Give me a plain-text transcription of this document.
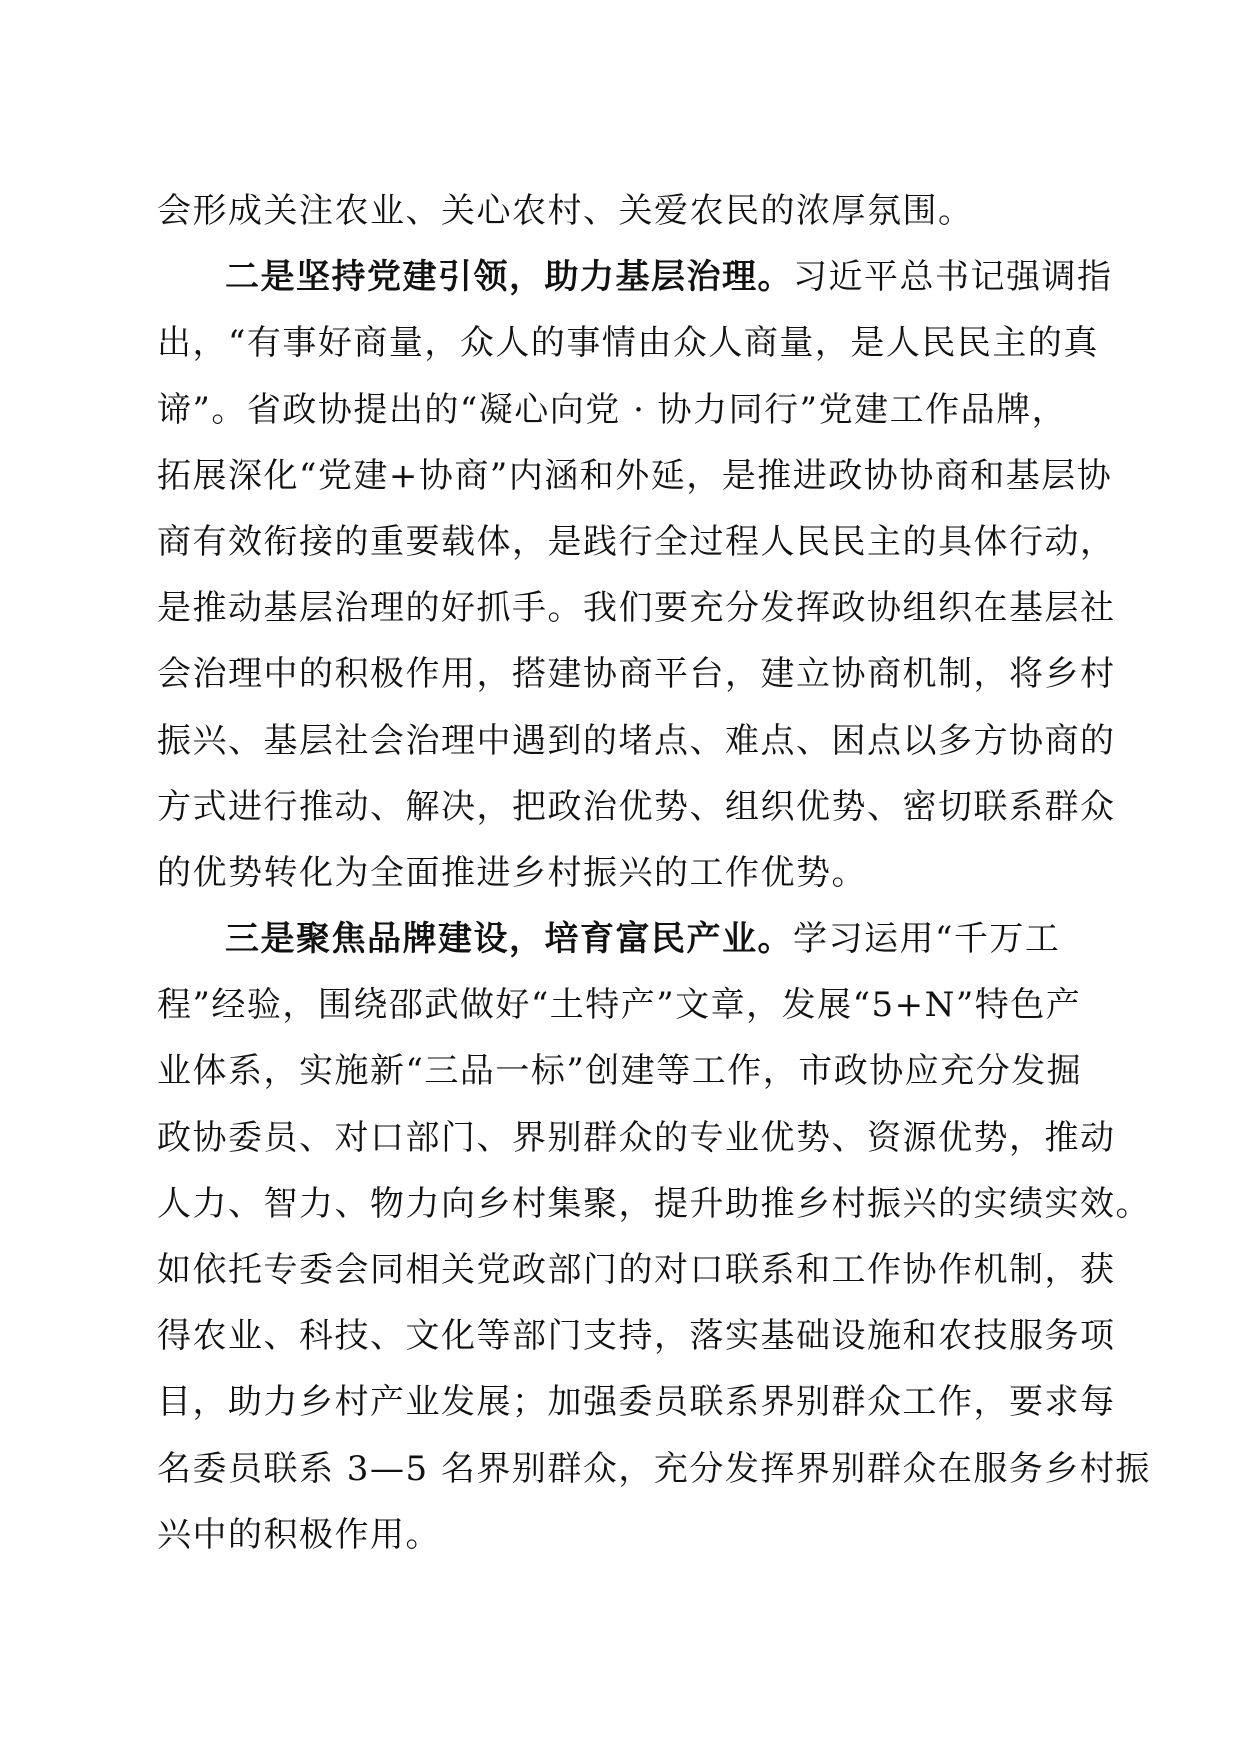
会形成关注农业、关心农村、关爱农民的浓厚氛围。
二是坚持党建引领，助力基层治理。习近平总书记强调指
出，“有事好商量，众人的事情由众人商量，是人民民主的真
谛”。省政协提出的“凝心向党 · 协力同行”党建工作品牌，
拓展深化“党建+协商”内涵和外延，是推进政协协商和基层协
商有效衔接的重要载体，是践行全过程人民民主的具体行动，
是推动基层治理的好抓手。我们要充分发挥政协组织在基层社
会治理中的积极作用，搭建协商平台，建立协商机制，将乡村
振兴、基层社会治理中遇到的堵点、难点、困点以多方协商的
方式进行推动、解决，把政治优势、组织优势、密切联系群众
的优势转化为全面推进乡村振兴的工作优势。
三是聚焦品牌建设，培育富民产业。学习运用“千万工
程”经验，围绕邵武做好“土特产”文章，发展“5+N”特色产
业体系，实施新“三品一标”创建等工作，市政协应充分发掘
政协委员、对口部门、界别群众的专业优势、资源优势，推动
人力、智力、物力向乡村集聚，提升助推乡村振兴的实绩实效。
如依托专委会同相关党政部门的对口联系和工作协作机制，获
得农业、科技、文化等部门支持，落实基础设施和农技服务项
目，助力乡村产业发展；加强委员联系界别群众工作，要求每
名委员联系 3—5 名界别群众，充分发挥界别群众在服务乡村振
兴中的积极作用。
